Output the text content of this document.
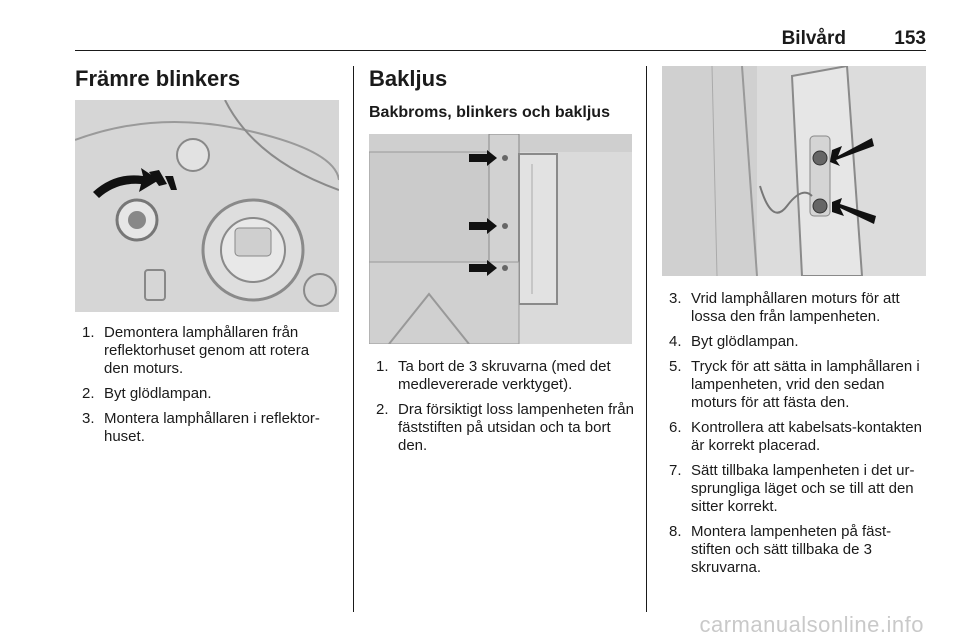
Bilvård	153
Främre blinkers
1. Demontera lamphållaren från reflektorhuset genom att rotera den moturs.
2. Byt glödlampan.
3. Montera lamphållaren i reflektor-huset.
Bakljus
Bakbroms, blinkers och bakljus
1. Ta bort de 3 skruvarna (med det medlevererade verktyget).
2. Dra försiktigt loss lampenheten från fäststiften på utsidan och ta bort den.
3. Vrid lamphållaren moturs för att lossa den från lampenheten.
4. Byt glödlampan.
5. Tryck för att sätta in lamphållaren i lampenheten, vrid den sedan moturs för att fästa den.
6. Kontrollera att kabelsats-kontakten är korrekt placerad.
7. Sätt tillbaka lampenheten i det ur-sprungliga läget och se till att den sitter korrekt.
8. Montera lampenheten på fäst-stiften och sätt tillbaka de 3 skruvarna.
carmanualsonline.info
